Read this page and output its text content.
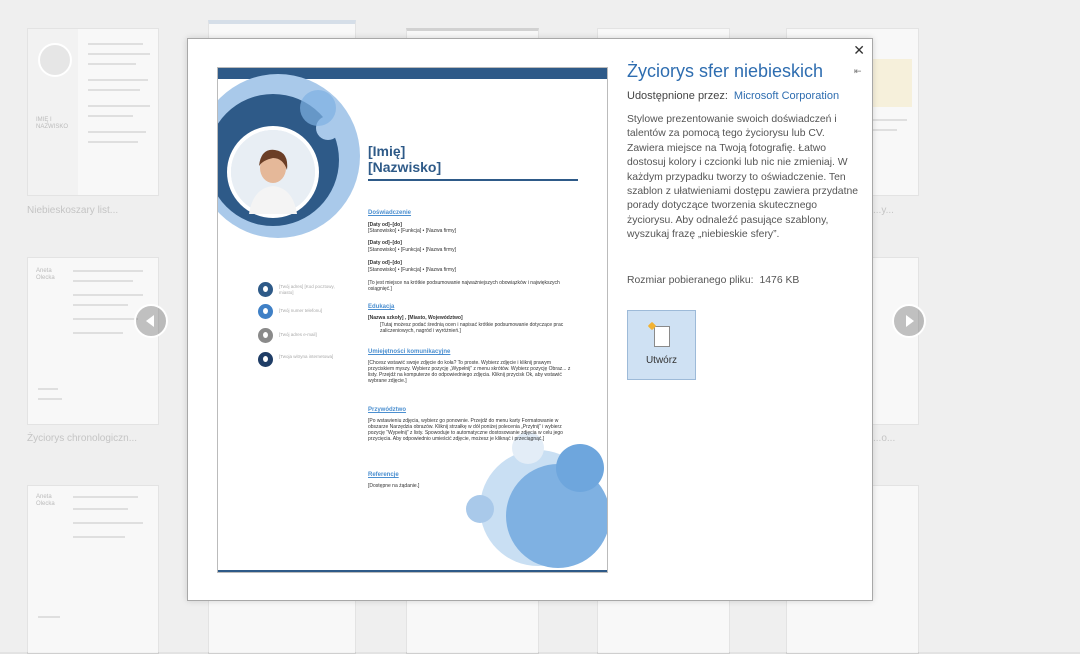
IMIĘ I NAZWISKO
Niebieskoszary list...
Aneta Olecka
Życiorys chronologiczn...
Aneta Olecka
...y...
...o...
✕
[Imię]
[Nazwisko]
Doświadczenie
[Daty od]–[do]
[Stanowisko] • [Funkcja] • [Nazwa firmy]
[Daty od]–[do]
[Stanowisko] • [Funkcja] • [Nazwa firmy]
[Daty od]–[do]
[Stanowisko] • [Funkcja] • [Nazwa firmy]
[To jest miejsce na krótkie podsumowanie najważniejszych obowiązków i największych osiągnięć.]
Edukacja
[Nazwa szkoły] , [Miasto, Województwo]
[Tutaj możesz podać średnią ocen i napisać krótkie podsumowanie dotyczące prac zaliczeniowych, nagród i wyróżnień.]
Umiejętności komunikacyjne
[Chcesz wstawić swoje zdjęcie do koła? To proste. Wybierz zdjęcie i kliknij prawym przyciskiem myszy. Wybierz pozycję „Wypełnij” z menu skrótów. Wybierz pozycję Obraz... z listy. Przejdź na komputerze do odpowiedniego zdjęcia. Kliknij przycisk Ok, aby wstawić wybrane zdjęcie.]
Przywództwo
[Po wstawieniu zdjęcia, wybierz go ponownie. Przejdź do menu karty Formatowanie w obszarze Narzędzia obrazów. Kliknij strzałkę w dół poniżej polecenia „Przytnij” i wybierz pozycję “Wypełnij” z listy. Spowoduje to automatyczne dostosowanie zdjęcia w celu jego przycięcia. Aby odpowiednio umieścić zdjęcie, możesz je kliknąć i przeciągnąć.]
Referencje
[Dostępne na żądanie.]
[Twój adres] [Kod pocztowy, miasto]
[Twój numer telefonu]
[Twój adres e-mail]
[Twoja witryna internetowa]
Życiorys sfer niebieskich	⇤
Udostępnione przez: Microsoft Corporation
Stylowe prezentowanie swoich doświadczeń i talentów za pomocą tego życiorysu lub CV. Zawiera miejsce na Twoją fotografię. Łatwo dostosuj kolory i czcionki lub nic nie zmieniaj. W każdym przypadku tworzy to oświadczenie. Ten szablon z ułatwieniami dostępu zawiera przydatne porady dotyczące tworzenia skutecznego życiorysu. Aby odnaleźć pasujące szablony, wyszukaj frazę „niebieskie sfery”.
Rozmiar pobieranego pliku: 1476 KB
Utwórz
